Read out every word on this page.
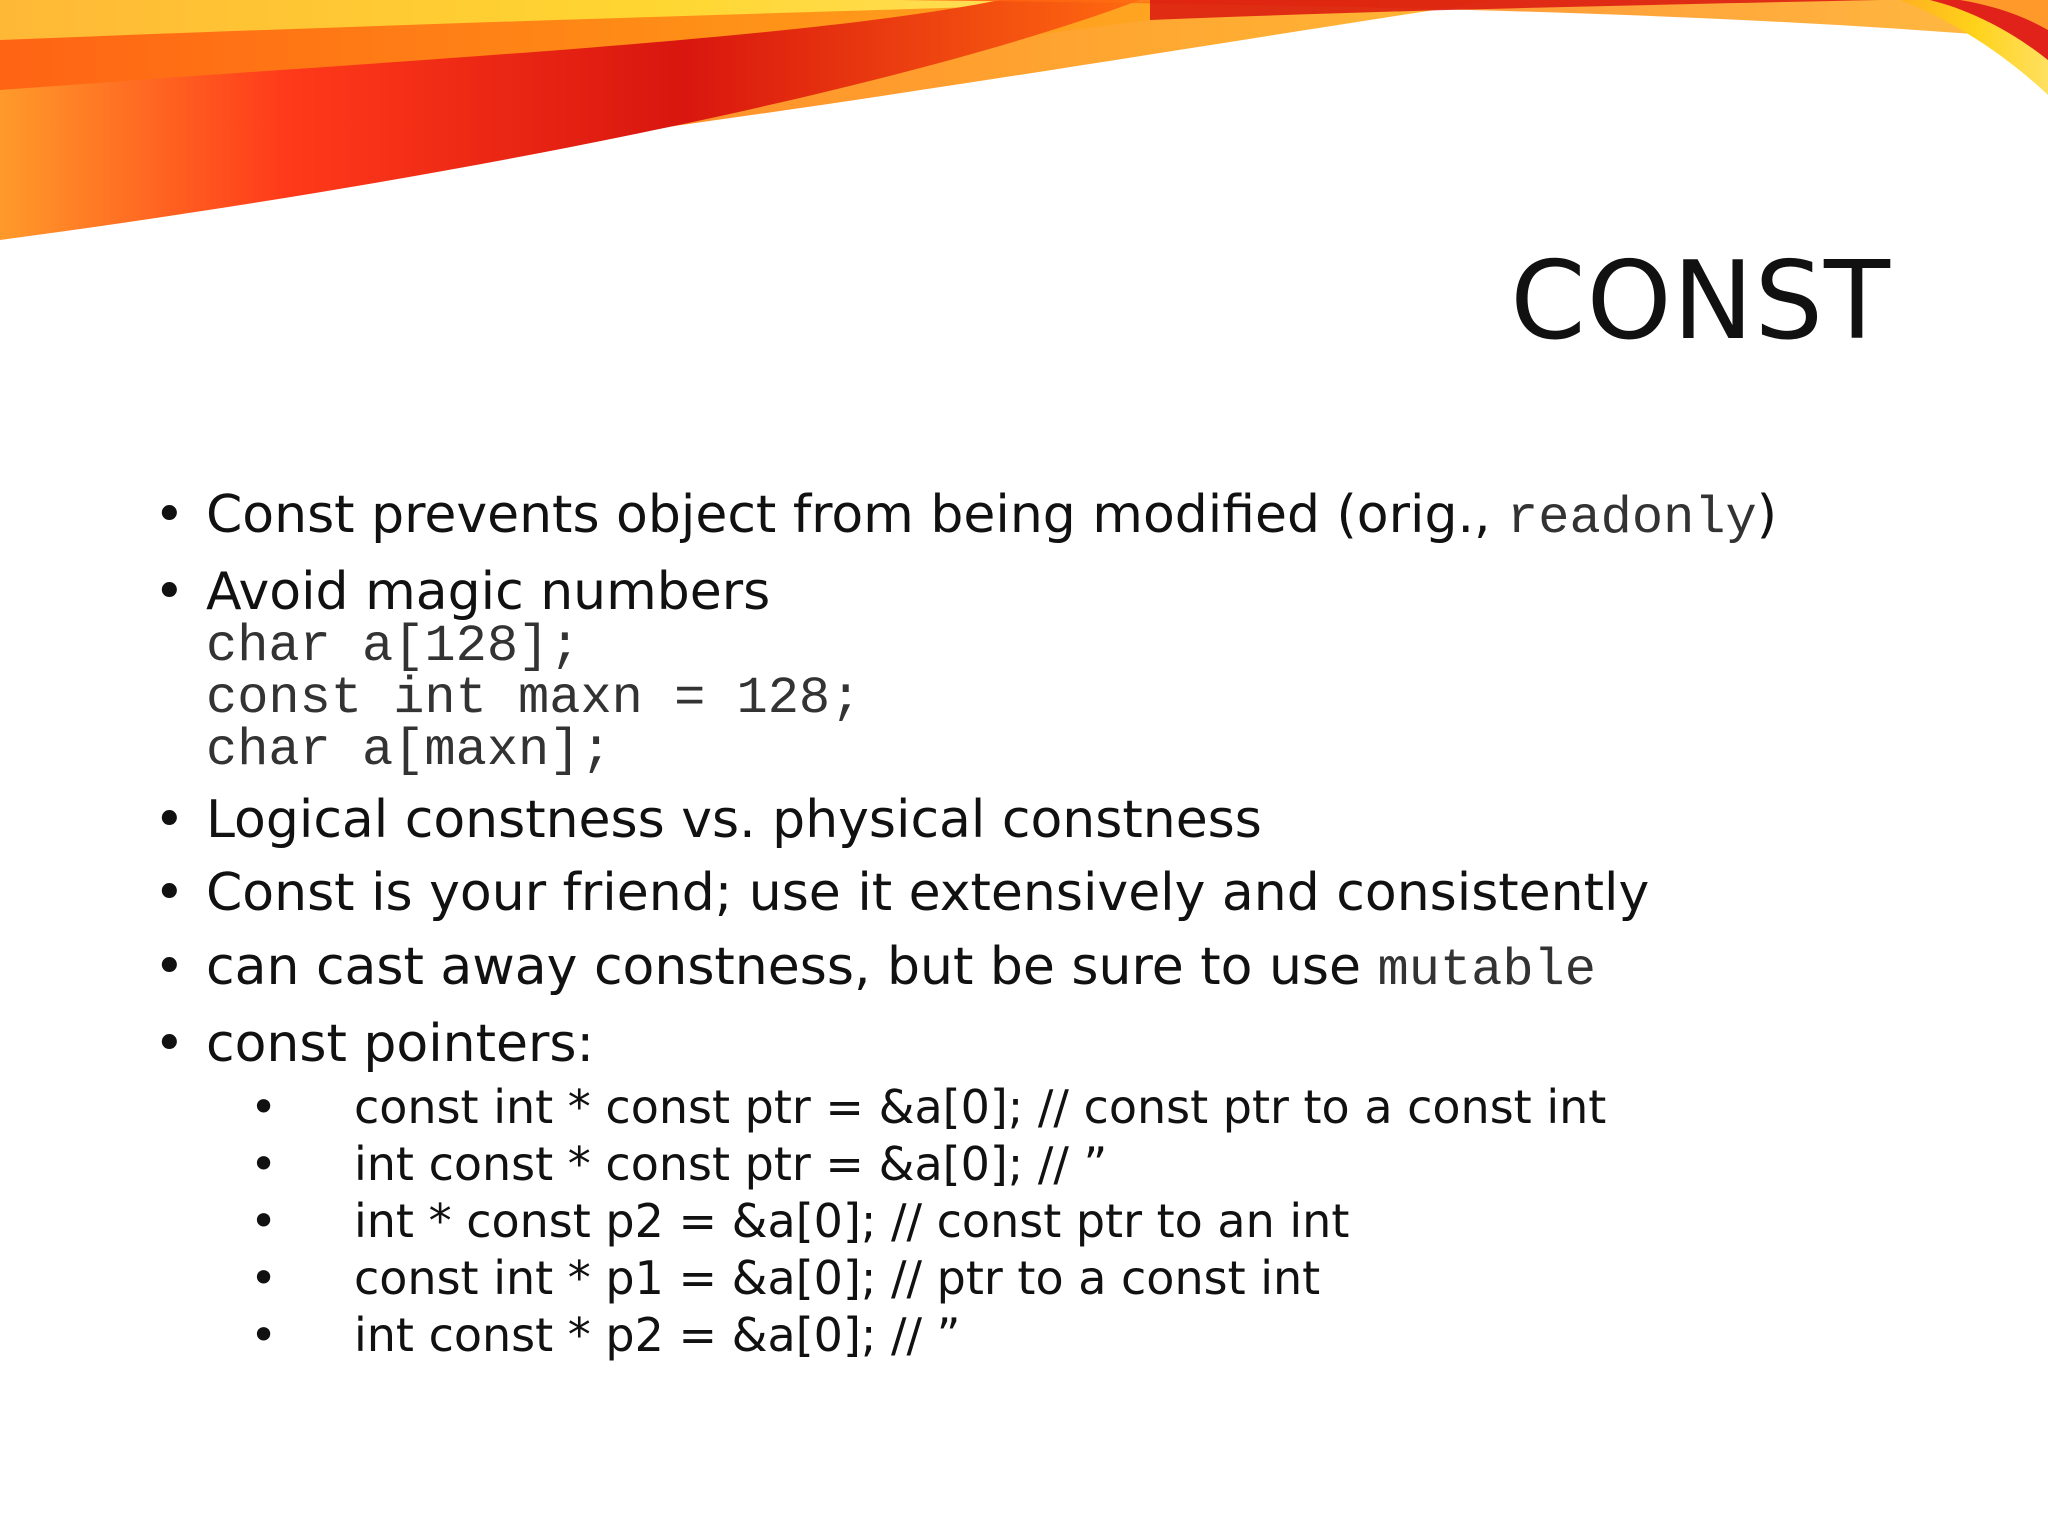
CONST
• Const prevents object from being modified (orig., readonly)
• Avoid magic numbers
char a[128];
const int maxn = 128;
char a[maxn];
• Logical constness vs. physical constness
• Const is your friend; use it extensively and consistently
• can cast away constness, but be sure to use mutable
• const pointers:
• const int * const ptr = &a[0]; // const ptr to a const int
• int const * const ptr = &a[0]; // ”
• int * const p2 = &a[0]; // const ptr to an int
• const int * p1 = &a[0]; // ptr to a const int
• int const * p2 = &a[0]; // ”
